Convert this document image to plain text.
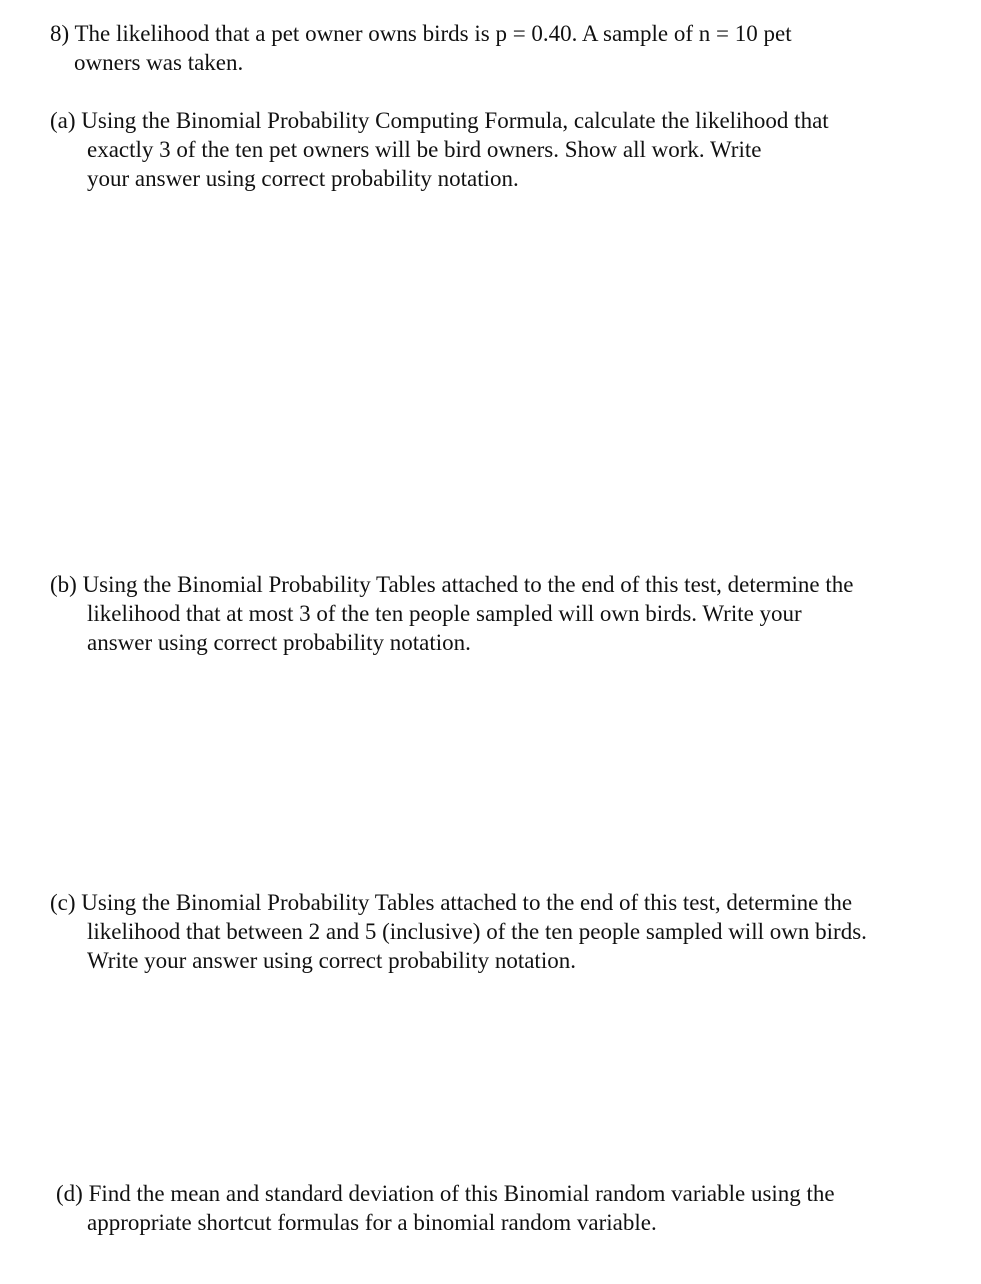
8) The likelihood that a pet owner owns birds is p = 0.40. A sample of n = 10 pet
owners was taken.
(a) Using the Binomial Probability Computing Formula, calculate the likelihood that
exactly 3 of the ten pet owners will be bird owners. Show all work. Write
your answer using correct probability notation.
(b) Using the Binomial Probability Tables attached to the end of this test, determine the
likelihood that at most 3 of the ten people sampled will own birds. Write your
answer using correct probability notation.
(c) Using the Binomial Probability Tables attached to the end of this test, determine the
likelihood that between 2 and 5 (inclusive) of the ten people sampled will own birds.
Write your answer using correct probability notation.
(d) Find the mean and standard deviation of this Binomial random variable using the
appropriate shortcut formulas for a binomial random variable.
